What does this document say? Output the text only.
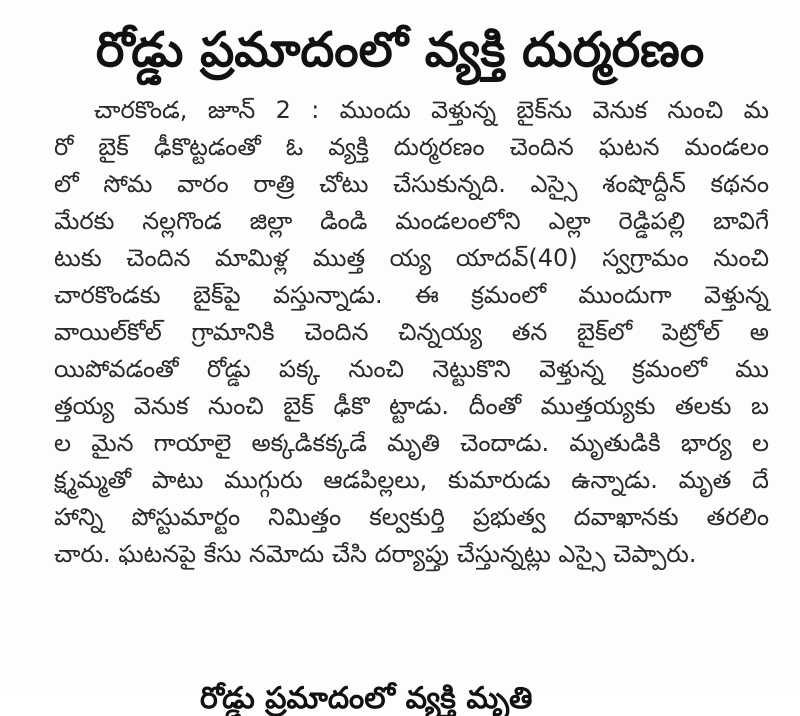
రోడ్డు ప్రమాదంలో వ్యక్తి దుర్మరణం
చారకొండ, జూన్ 2 : ముందు వెళ్తున్న బైక్‌ను వెనుక నుంచి మ
రో బైక్ ఢీకొట్టడంతో ఓ వ్యక్తి దుర్మరణం చెందిన ఘటన మండలం
లో సోమ వారం రాత్రి చోటు చేసుకున్నది. ఎస్సై శంషొద్దీన్ కథనం
మేరకు నల్లగొండ జిల్లా డిండి మండలంలోని ఎల్లా రెడ్డిపల్లి బావిగే
టుకు చెందిన మామిళ్ల ముత్త య్య యాదవ్(40) స్వగ్రామం నుంచి
చారకొండకు బైక్‌పై వస్తున్నాడు. ఈ క్రమంలో ముందుగా వెళ్తున్న
వాయిల్‌కోల్ గ్రామానికి చెందిన చిన్నయ్య తన బైక్‌లో పెట్రోల్ అ
యిపోవడంతో రోడ్డు పక్క నుంచి నెట్టుకొని వెళ్తున్న క్రమంలో ము
త్తయ్య వెనుక నుంచి బైక్ ఢీకొ ట్టాడు. దీంతో ముత్తయ్యకు తలకు బ
ల మైన గాయాలై అక్కడికక్కడే మృతి చెందాడు. మృతుడికి భార్య ల
క్ష్మమ్మతో పాటు ముగ్గురు ఆడపిల్లలు, కుమారుడు ఉన్నాడు. మృత దే
హాన్ని పోస్టుమార్టం నిమిత్తం కల్వకుర్తి ప్రభుత్వ దవాఖానకు తరలిం
చారు. ఘటనపై కేసు నమోదు చేసి దర్యాప్తు చేస్తున్నట్లు ఎస్సై చెప్పారు.
రోడ్డు ప్రమాదంలో వ్యక్తి మృతి
